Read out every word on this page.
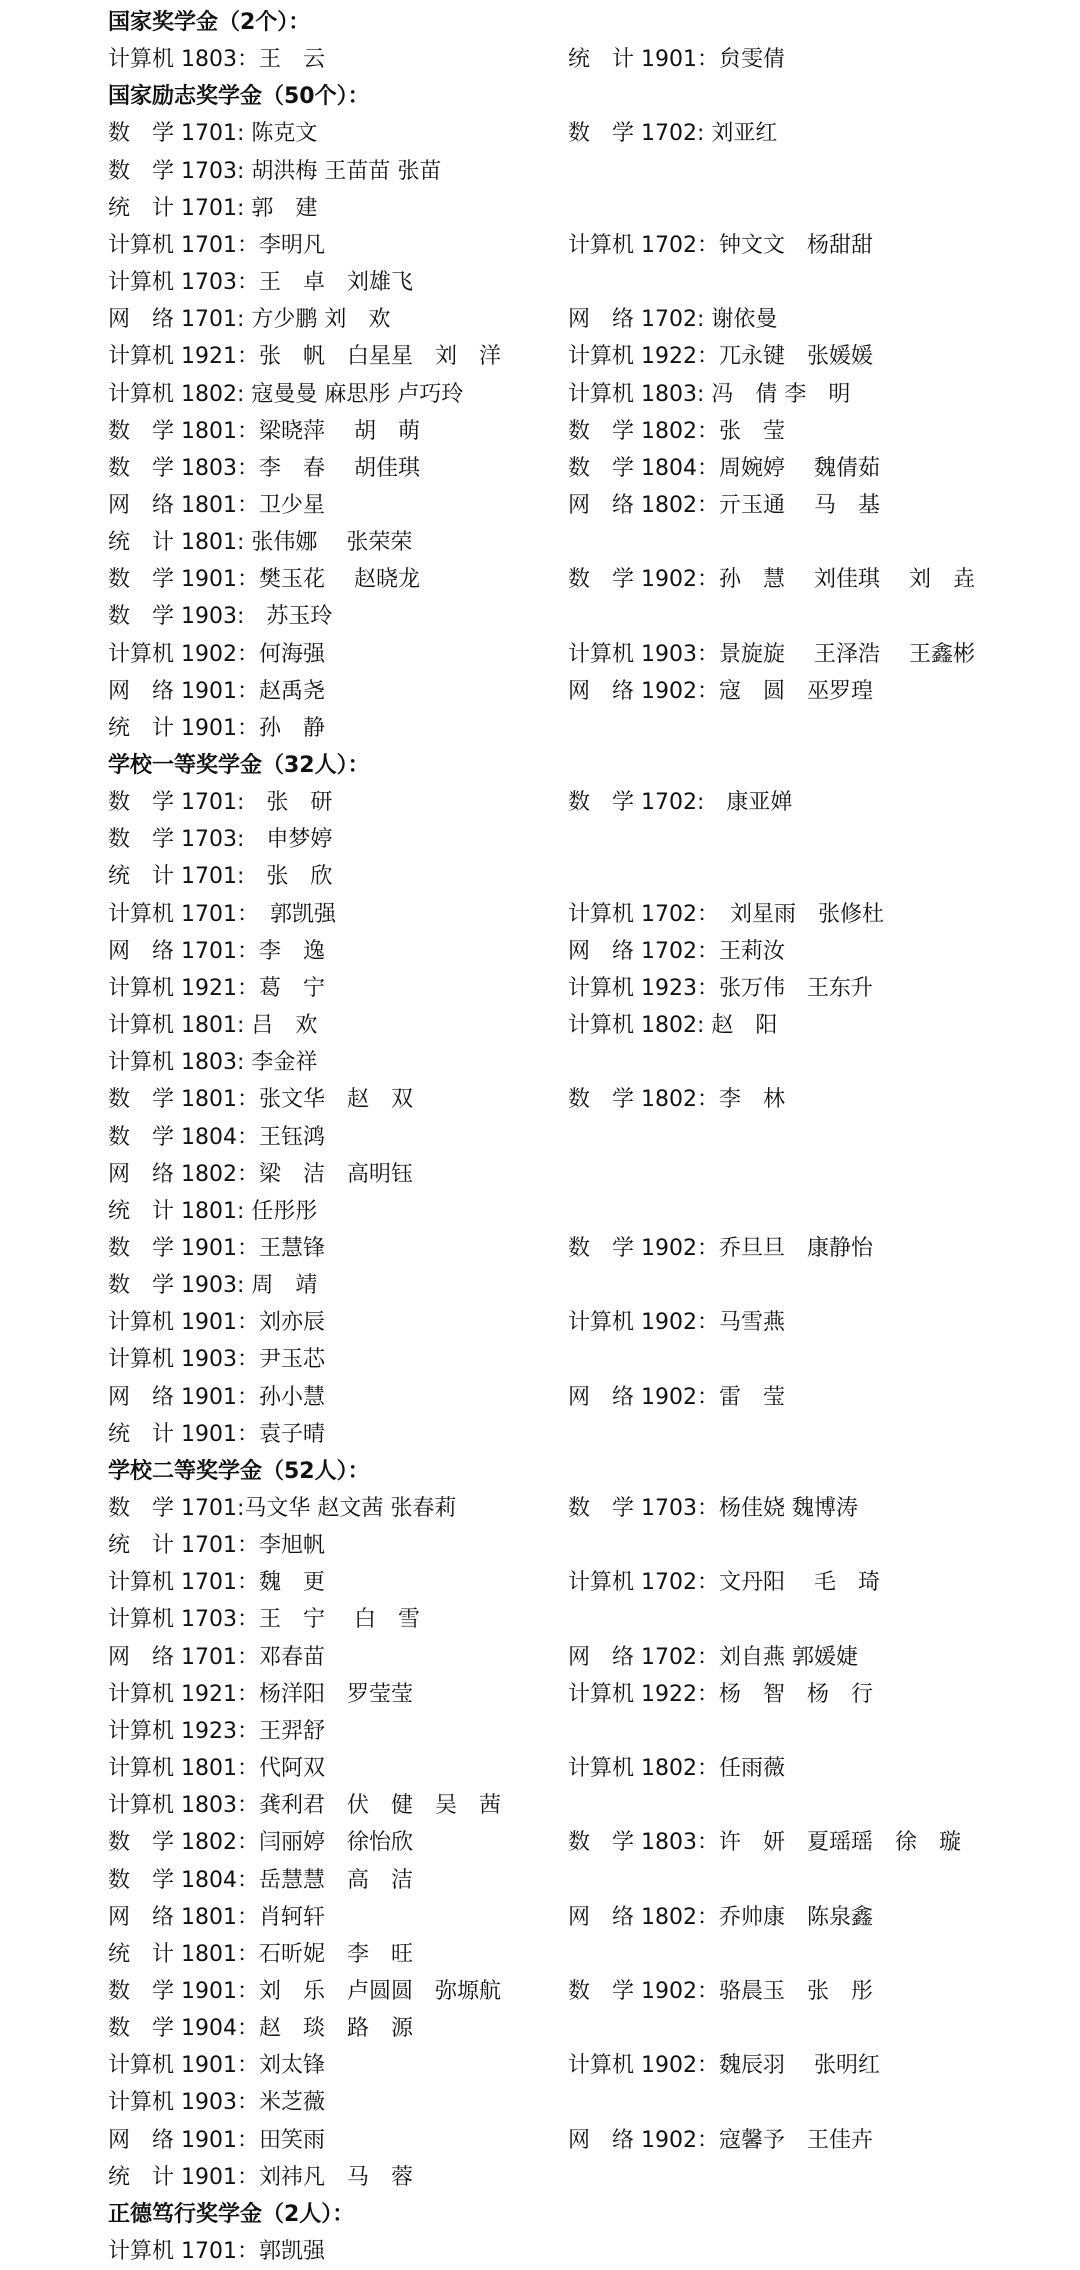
国家奖学金（2个）：
计算机 1803：王　云	统　计 1901：贠雯倩
国家励志奖学金（50个）：
数　学 1701: 陈克文	数　学 1702: 刘亚红
数　学 1703: 胡洪梅 王苗苗 张苗
统　计 1701: 郭　建
计算机 1701：李明凡	计算机 1702：钟文文　杨甜甜
计算机 1703：王　卓　刘雄飞
网　络 1701: 方少鹏 刘　欢	网　络 1702: 谢依曼
计算机 1921：张　帆　白星星　刘　洋	计算机 1922：兀永键　张媛媛
计算机 1802: 寇曼曼 麻思彤 卢巧玲	计算机 1803: 冯　倩 李　明
数　学 1801：梁晓萍　 胡　萌	数　学 1802：张　莹
数　学 1803：李　春　 胡佳琪	数　学 1804：周婉婷　 魏倩茹
网　络 1801：卫少星	网　络 1802：亓玉通　 马　基
统　计 1801: 张伟娜　 张荣荣
数　学 1901：樊玉花　 赵晓龙	数　学 1902：孙　慧　 刘佳琪　 刘　垚
数　学 1903:　苏玉玲
计算机 1902：何海强	计算机 1903：景旋旋　 王泽浩　 王鑫彬
网　络 1901：赵禹尧	网　络 1902：寇　圆　巫罗瑝
统　计 1901：孙　静
学校一等奖学金（32人）：
数　学 1701:　张　研	数　学 1702:　康亚婵
数　学 1703:　申梦婷
统　计 1701:　张　欣
计算机 1701：　郭凯强	计算机 1702：　刘星雨　张修杜
网　络 1701：李　逸	网　络 1702：王莉汝
计算机 1921：葛　宁	计算机 1923：张万伟　王东升
计算机 1801: 吕　欢	计算机 1802: 赵　阳
计算机 1803: 李金祥
数　学 1801：张文华　赵　双	数　学 1802：李　林
数　学 1804：王钰鸿
网　络 1802：梁　洁　高明钰
统　计 1801: 任彤彤
数　学 1901：王慧锋	数　学 1902：乔旦旦　康静怡
数　学 1903: 周　靖
计算机 1901：刘亦辰	计算机 1902：马雪燕
计算机 1903：尹玉芯
网　络 1901：孙小慧	网　络 1902：雷　莹
统　计 1901：袁子晴
学校二等奖学金（52人）：
数　学 1701:马文华 赵文茜 张春莉	数　学 1703：杨佳娆 魏博涛
统　计 1701：李旭帆
计算机 1701：魏　更	计算机 1702：文丹阳　 毛　琦
计算机 1703：王　宁　 白　雪
网　络 1701：邓春苗	网　络 1702：刘自燕 郭媛婕
计算机 1921：杨洋阳　罗莹莹	计算机 1922：杨　智　杨　行
计算机 1923：王羿舒
计算机 1801：代阿双	计算机 1802：任雨薇
计算机 1803：龚利君　伏　健　吴　茜
数　学 1802：闫丽婷　徐怡欣	数　学 1803：许　妍　夏瑶瑶　徐　璇
数　学 1804：岳慧慧　高　洁
网　络 1801：肖轲轩	网　络 1802：乔帅康　陈泉鑫
统　计 1801：石昕妮　李　旺
数　学 1901：刘　乐　卢圆圆　弥塬航	数　学 1902：骆晨玉　张　彤
数　学 1904：赵　琰　路　源
计算机 1901：刘太锋	计算机 1902：魏辰羽　 张明红
计算机 1903：米芝薇
网　络 1901：田笑雨	网　络 1902：寇馨予　王佳卉
统　计 1901：刘祎凡　马　蓉
正德笃行奖学金（2人）：
计算机 1701：郭凯强
